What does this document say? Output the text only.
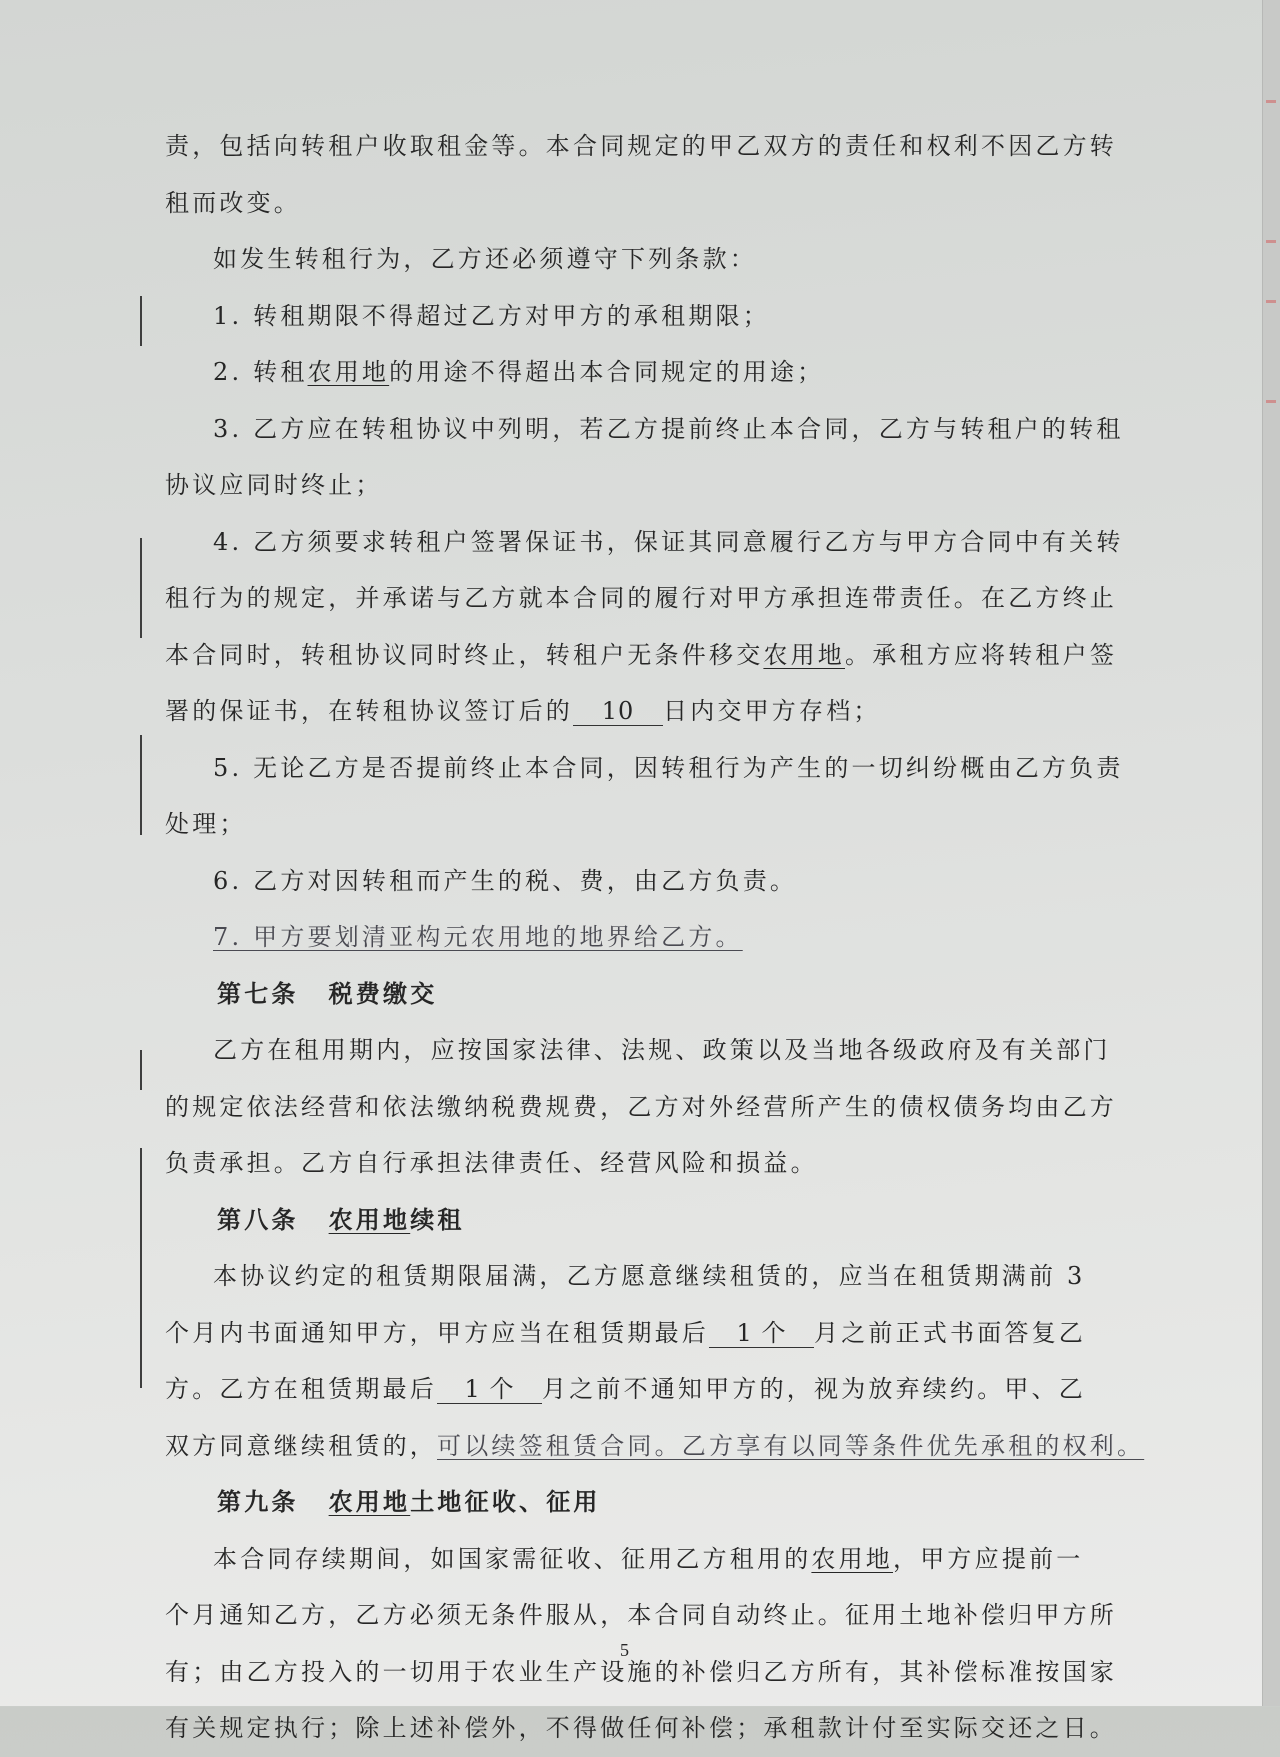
责，包括向转租户收取租金等。本合同规定的甲乙双方的责任和权利不因乙方转
租而改变。
如发生转租行为，乙方还必须遵守下列条款：
1. 转租期限不得超过乙方对甲方的承租期限；
2. 转租农用地的用途不得超出本合同规定的用途；
3. 乙方应在转租协议中列明，若乙方提前终止本合同，乙方与转租户的转租
协议应同时终止；
4. 乙方须要求转租户签署保证书，保证其同意履行乙方与甲方合同中有关转
租行为的规定，并承诺与乙方就本合同的履行对甲方承担连带责任。在乙方终止
本合同时，转租协议同时终止，转租户无条件移交农用地。承租方应将转租户签
署的保证书，在转租协议签订后的 10 日内交甲方存档；
5. 无论乙方是否提前终止本合同，因转租行为产生的一切纠纷概由乙方负责
处理；
6. 乙方对因转租而产生的税、费，由乙方负责。
7. 甲方要划清亚构元农用地的地界给乙方。
第七条 税费缴交
乙方在租用期内，应按国家法律、法规、政策以及当地各级政府及有关部门
的规定依法经营和依法缴纳税费规费，乙方对外经营所产生的债权债务均由乙方
负责承担。乙方自行承担法律责任、经营风险和损益。
第八条 农用地续租
本协议约定的租赁期限届满，乙方愿意继续租赁的，应当在租赁期满前 3
个月内书面通知甲方，甲方应当在租赁期最后 1 个 月之前正式书面答复乙
方。乙方在租赁期最后 1 个 月之前不通知甲方的，视为放弃续约。甲、乙
双方同意继续租赁的，可以续签租赁合同。乙方享有以同等条件优先承租的权利。
第九条 农用地土地征收、征用
本合同存续期间，如国家需征收、征用乙方租用的农用地，甲方应提前一
个月通知乙方，乙方必须无条件服从，本合同自动终止。征用土地补偿归甲方所
有；由乙方投入的一切用于农业生产设施的补偿归乙方所有，其补偿标准按国家
有关规定执行；除上述补偿外，不得做任何补偿；承租款计付至实际交还之日。
5
